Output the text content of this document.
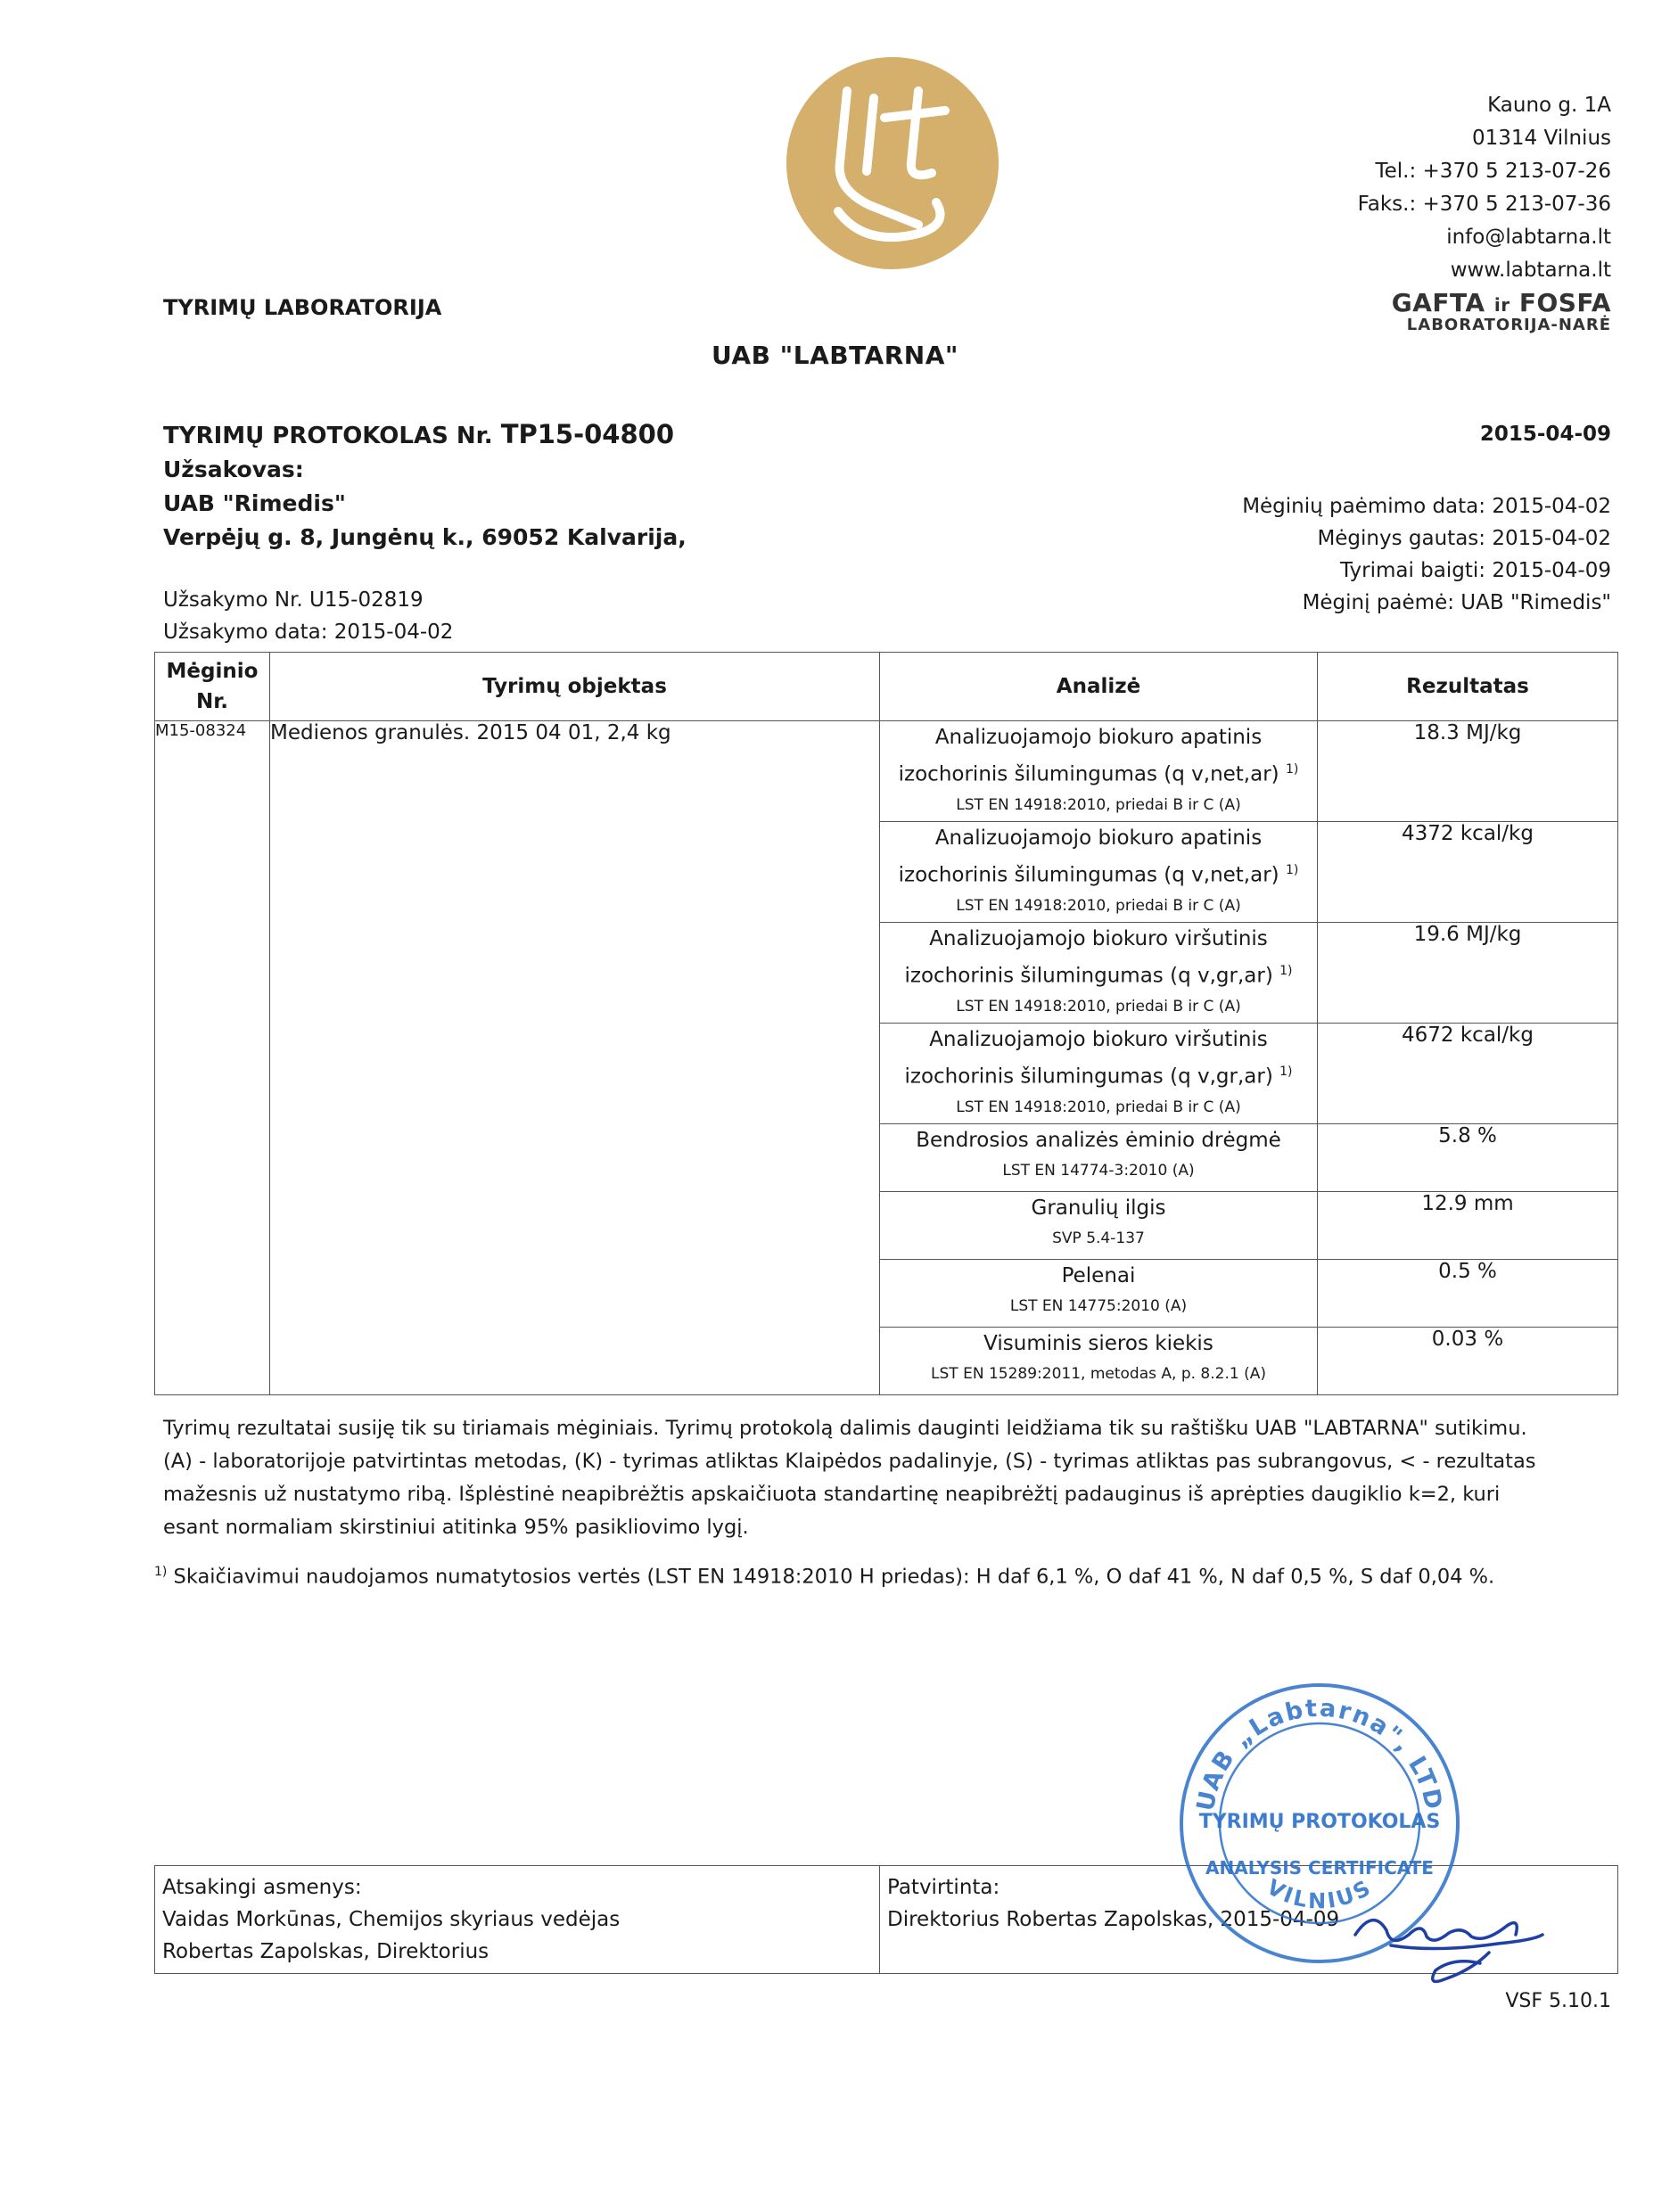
Kauno g. 1A
01314 Vilnius
Tel.: +370 5 213-07-26
Faks.: +370 5 213-07-36
info@labtarna.lt
www.labtarna.lt
GAFTA ir FOSFA
LABORATORIJA-NARĖ
TYRIMŲ LABORATORIJA
UAB "LABTARNA"
TYRIMŲ PROTOKOLAS Nr. TP15-04800	2015-04-09
Užsakovas:
UAB "Rimedis"
Verpėjų g. 8, Jungėnų k., 69052 Kalvarija,
Mėginių paėmimo data: 2015-04-02
Mėginys gautas: 2015-04-02
Tyrimai baigti: 2015-04-09
Mėginį paėmė: UAB "Rimedis"
Užsakymo Nr. U15-02819
Užsakymo data: 2015-04-02
Mėginio
Nr.	Tyrimų objektas	Analizė	Rezultatas
M15-08324	Medienos granulės. 2015 04 01, 2,4 kg	Analizuojamojo biokuro apatinis
izochorinis šilumingumas (q v,net,ar) $^{1)}$
LST EN 14918:2010, priedai B ir C (A)	18.3 MJ/kg

		Analizuojamojo biokuro apatinis
izochorinis šilumingumas (q v,net,ar) $^{1)}$
LST EN 14918:2010, priedai B ir C (A)	4372 kcal/kg

		Analizuojamojo biokuro viršutinis
izochorinis šilumingumas (q v,gr,ar) $^{1)}$
LST EN 14918:2010, priedai B ir C (A)	19.6 MJ/kg

		Analizuojamojo biokuro viršutinis
izochorinis šilumingumas (q v,gr,ar) $^{1)}$
LST EN 14918:2010, priedai B ir C (A)	4672 kcal/kg

		Bendrosios analizės ėminio drėgmė
LST EN 14774-3:2010 (A)	5.8 %

		Granulių ilgis
SVP 5.4-137	12.9 mm

		Pelenai
LST EN 14775:2010 (A)	0.5 %

		Visuminis sieros kiekis
LST EN 15289:2011, metodas A, p. 8.2.1 (A)	0.03 %
Tyrimų rezultatai susiję tik su tiriamais mėginiais. Tyrimų protokolą dalimis dauginti leidžiama tik su raštišku UAB "LABTARNA" sutikimu.
(A) - laboratorijoje patvirtintas metodas, (K) - tyrimas atliktas Klaipėdos padalinyje, (S) - tyrimas atliktas pas subrangovus, < - rezultatas
mažesnis už nustatymo ribą. Išplėstinė neapibrėžtis apskaičiuota standartinę neapibrėžtį padauginus iš aprėpties daugiklio k=2, kuri
esant normaliam skirstiniui atitinka 95% pasikliovimo lygį.
$^{1)}$ Skaičiavimui naudojamos numatytosios vertės (LST EN 14918:2010 H priedas): H daf 6,1 %, O daf 41 %, N daf 0,5 %, S daf 0,04 %.
Atsakingi asmenys:
Vaidas Morkūnas, Chemijos skyriaus vedėjas
Robertas Zapolskas, Direktorius

Patvirtinta:
Direktorius Robertas Zapolskas, 2015-04-09
UAB „Labtarna", LTD
TYRIMŲ PROTOKOLAS
ANALYSIS CERTIFICATE
VILNIUS
VSF 5.10.1
